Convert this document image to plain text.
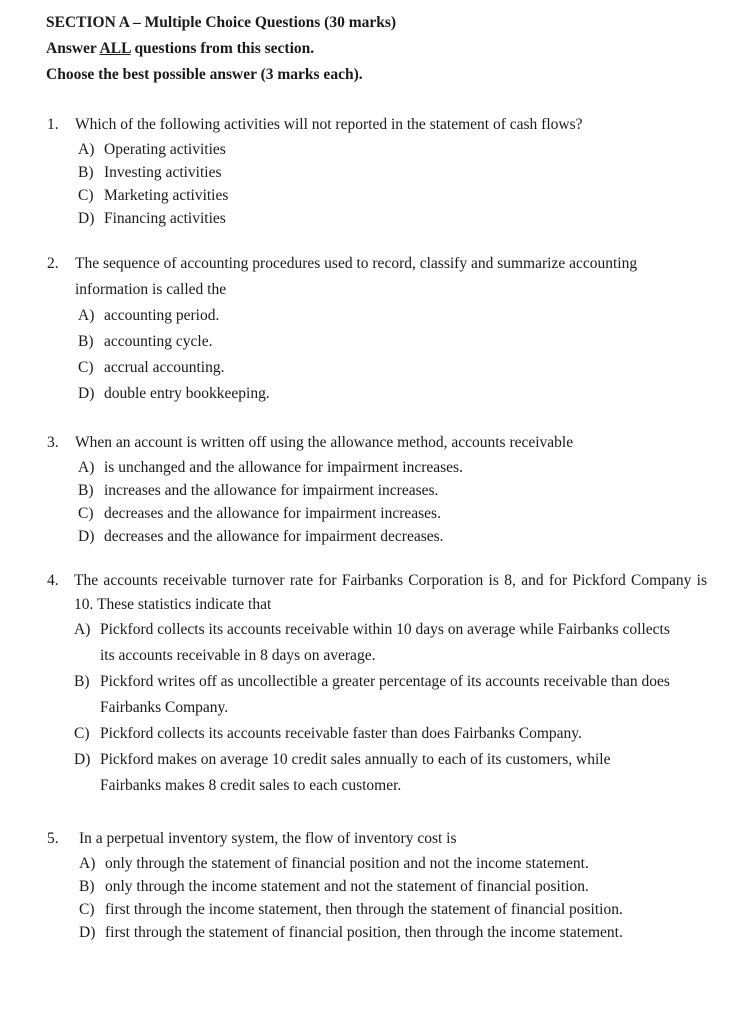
SECTION A – Multiple Choice Questions (30 marks)
Answer ALL questions from this section.
Choose the best possible answer (3 marks each).
1. Which of the following activities will not reported in the statement of cash flows?
A) Operating activities
B) Investing activities
C) Marketing activities
D) Financing activities
2. The sequence of accounting procedures used to record, classify and summarize accounting information is called the
A) accounting period.
B) accounting cycle.
C) accrual accounting.
D) double entry bookkeeping.
3. When an account is written off using the allowance method, accounts receivable
A) is unchanged and the allowance for impairment increases.
B) increases and the allowance for impairment increases.
C) decreases and the allowance for impairment increases.
D) decreases and the allowance for impairment decreases.
4. The accounts receivable turnover rate for Fairbanks Corporation is 8, and for Pickford Company is 10. These statistics indicate that
A) Pickford collects its accounts receivable within 10 days on average while Fairbanks collects its accounts receivable in 8 days on average.
B) Pickford writes off as uncollectible a greater percentage of its accounts receivable than does Fairbanks Company.
C) Pickford collects its accounts receivable faster than does Fairbanks Company.
D) Pickford makes on average 10 credit sales annually to each of its customers, while Fairbanks makes 8 credit sales to each customer.
5. In a perpetual inventory system, the flow of inventory cost is
A) only through the statement of financial position and not the income statement.
B) only through the income statement and not the statement of financial position.
C) first through the income statement, then through the statement of financial position.
D) first through the statement of financial position, then through the income statement.
